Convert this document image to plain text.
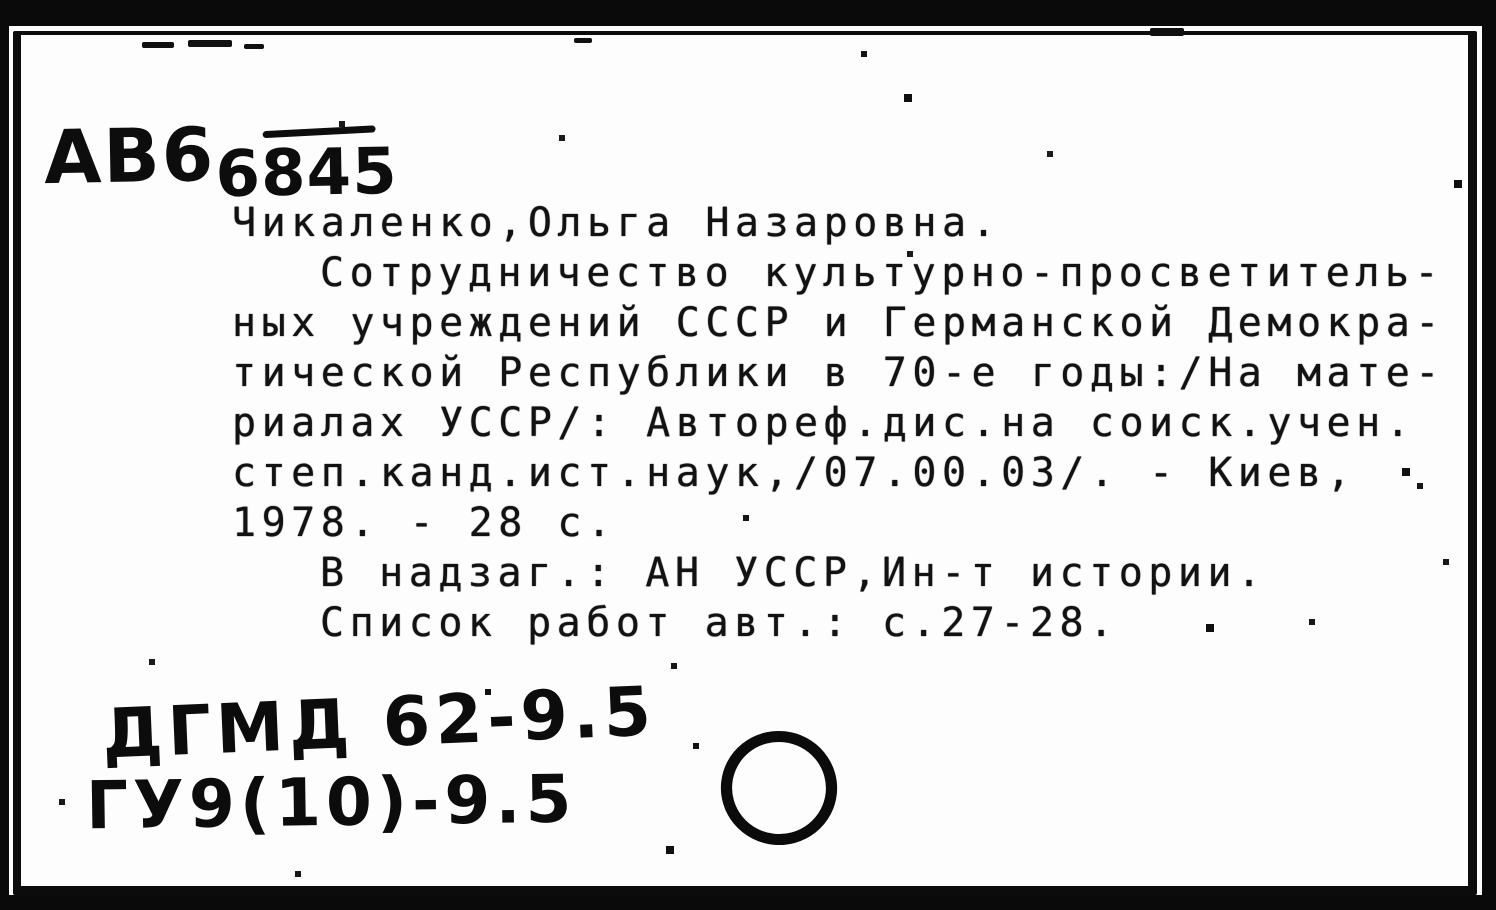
АВ6
6845
Чикаленко,Ольга Назаровна.
Сотрудничество культурно-просветитель-
ных учреждений СССР и Германской Демокра-
тической Республики в 70-е годы:/На мате-
риалах УССР/: Автореф.дис.на соиск.учен.
степ.канд.ист.наук,/07.00.03/. - Киев,
1978. - 28 с.
В надзаг.: АН УССР,Ин-т истории.
Список работ авт.: с.27-28.
ДГМД 62-9.5
ГУ9(10)-9.5
